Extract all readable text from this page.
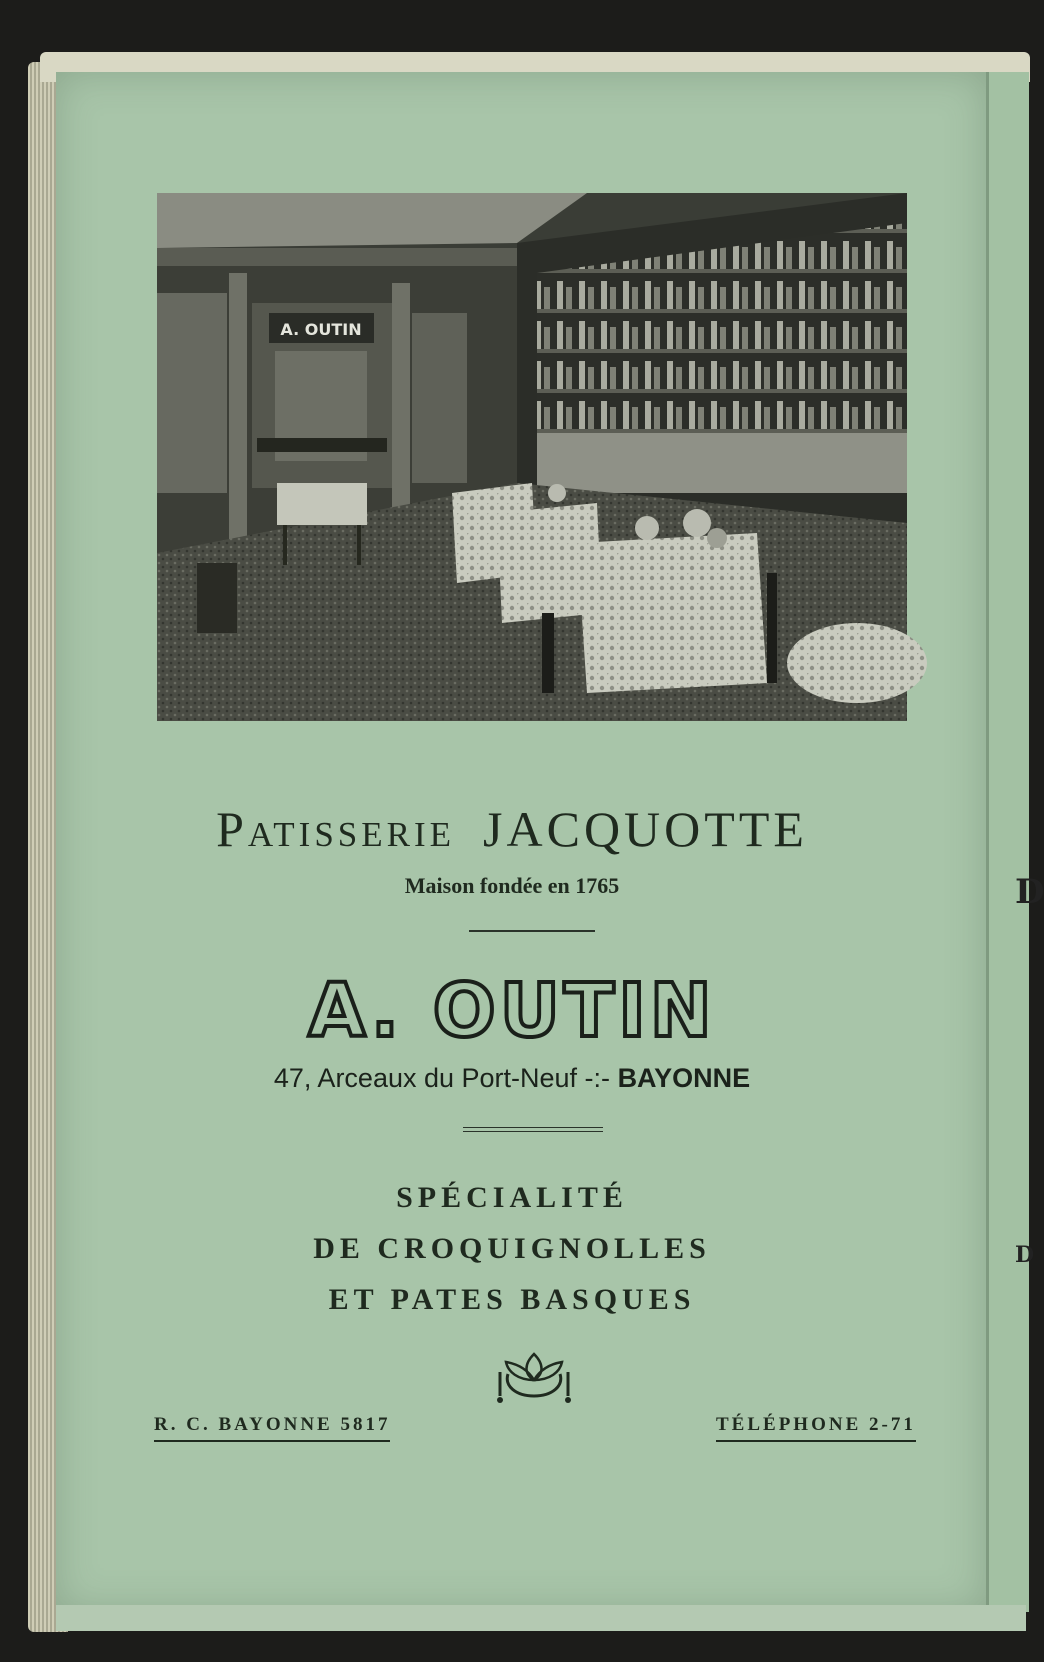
D
D
A. OUTIN
Patisserie JACQUOTTE
Maison fondée en 1765
A. OUTIN
47, Arceaux du Port-Neuf -:- BAYONNE
SPÉCIALITÉ
DE CROQUIGNOLLES
ET PATES BASQUES
R. C. BAYONNE 5817	TÉLÉPHONE 2-71
